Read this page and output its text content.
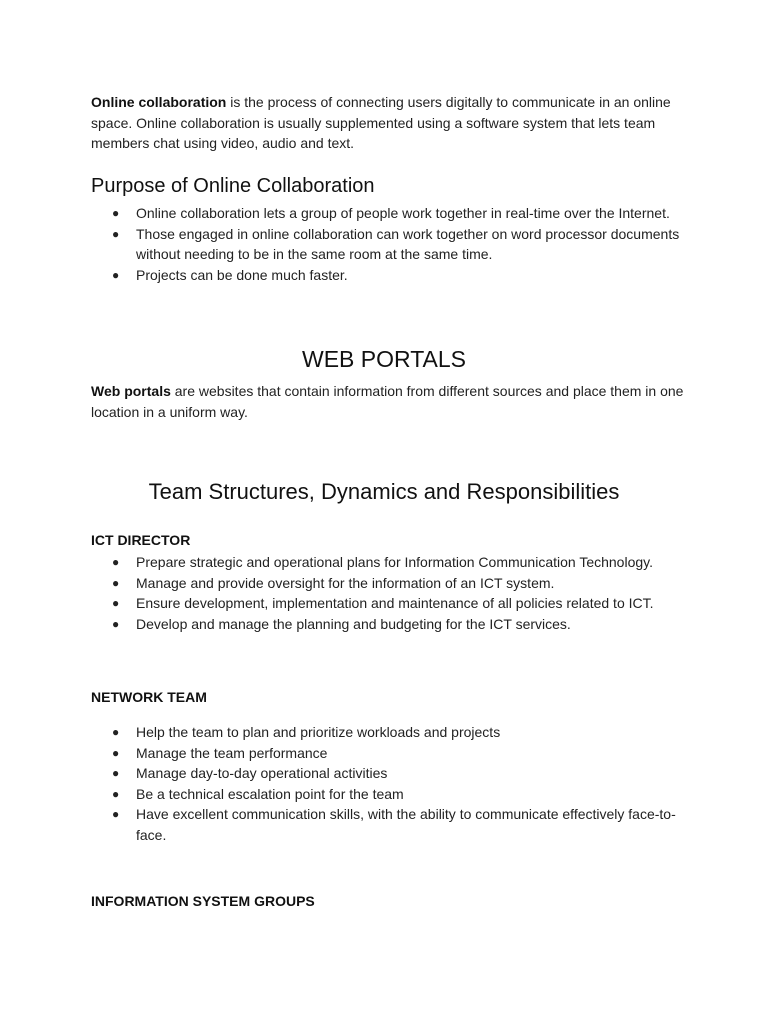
Online collaboration is the process of connecting users digitally to communicate in an online space. Online collaboration is usually supplemented using a software system that lets team members chat using video, audio and text.

Purpose of Online Collaboration
● Online collaboration lets a group of people work together in real-time over the Internet.
● Those engaged in online collaboration can work together on word processor documents without needing to be in the same room at the same time.
● Projects can be done much faster.
WEB PORTALS

Web portals are websites that contain information from different sources and place them in one location in a uniform way.

Team Structures, Dynamics and Responsibilities
ICT DIRECTOR
● Prepare strategic and operational plans for Information Communication Technology.
● Manage and provide oversight for the information of an ICT system.
● Ensure development, implementation and maintenance of all policies related to ICT.
● Develop and manage the planning and budgeting for the ICT services.
NETWORK TEAM
● Help the team to plan and prioritize workloads and projects
● Manage the team performance
● Manage day-to-day operational activities
● Be a technical escalation point for the team
● Have excellent communication skills, with the ability to communicate effectively face-to-face.
INFORMATION SYSTEM GROUPS
